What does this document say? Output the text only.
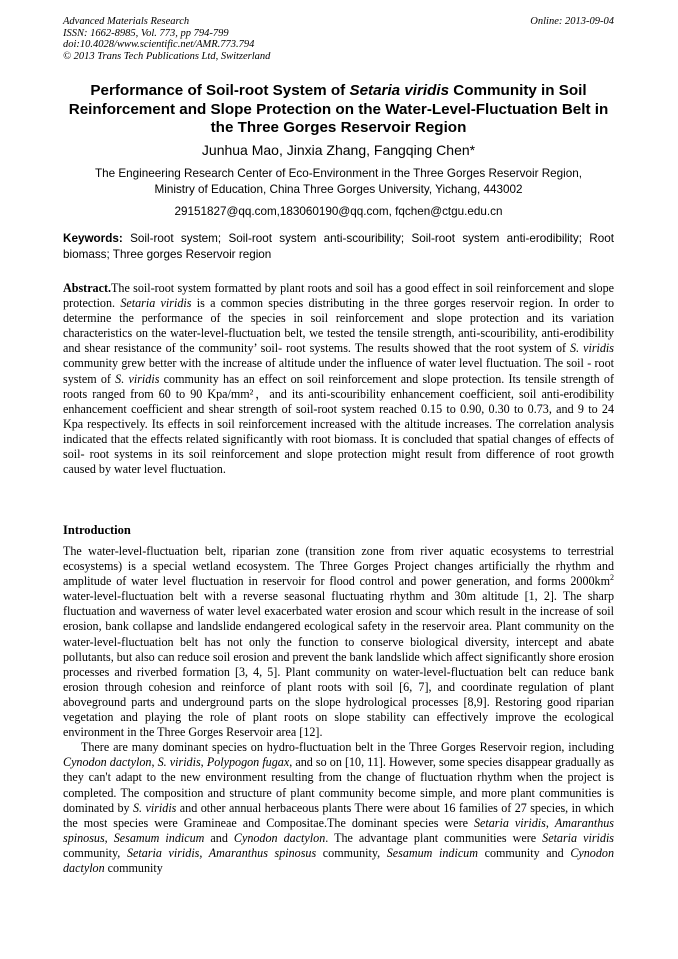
Advanced Materials Research
ISSN: 1662-8985, Vol. 773, pp 794-799
doi:10.4028/www.scientific.net/AMR.773.794
© 2013 Trans Tech Publications Ltd, Switzerland
Online: 2013-09-04
Performance of Soil-root System of Setaria viridis Community in Soil Reinforcement and Slope Protection on the Water-Level-Fluctuation Belt in the Three Gorges Reservoir Region
Junhua Mao, Jinxia Zhang, Fangqing Chen*
The Engineering Research Center of Eco-Environment in the Three Gorges Reservoir Region,
Ministry of Education, China Three Gorges University, Yichang, 443002
29151827@qq.com,183060190@qq.com, fqchen@ctgu.edu.cn
Keywords: Soil-root system; Soil-root system anti-scouribility; Soil-root system anti-erodibility; Root biomass; Three gorges Reservoir region
Abstract.The soil-root system formatted by plant roots and soil has a good effect in soil reinforcement and slope protection. Setaria viridis is a common species distributing in the three gorges reservoir region. In order to determine the performance of the species in soil reinforcement and slope protection and its variation characteristics on the water-level-fluctuation belt, we tested the tensile strength, anti-scouribility, anti-erodibility and shear resistance of the community’ soil- root systems. The results showed that the root system of S. viridis community grew better with the increase of altitude under the influence of water level fluctuation. The soil - root system of S. viridis community has an effect on soil reinforcement and slope protection. Its tensile strength of roots ranged from 60 to 90 Kpa/mm²，and its anti-scouribility enhancement coefficient, soil anti-erodibility enhancement coefficient and shear strength of soil-root system reached 0.15 to 0.90, 0.30 to 0.73, and 9 to 24 Kpa respectively. Its effects in soil reinforcement increased with the altitude increases. The correlation analysis indicated that the effects related significantly with root biomass. It is concluded that spatial changes of effects of soil- root systems in its soil reinforcement and slope protection might result from difference of root growth caused by water level fluctuation.
Introduction

The water-level-fluctuation belt, riparian zone (transition zone from river aquatic ecosystems to terrestrial ecosystems) is a special wetland ecosystem. The Three Gorges Project changes artificially the rhythm and amplitude of water level fluctuation in reservoir for flood control and power generation, and forms $2000km^2$ water-level-fluctuation belt with a reverse seasonal fluctuating rhythm and 30m altitude [1, 2]. The sharp fluctuation and waverness of water level exacerbated water erosion and scour which result in the increase of soil erosion, bank collapse and landslide endangered ecological safety in the reservoir area. Plant community on the water-level-fluctuation belt has not only the function to conserve biological diversity, intercept and abate pollutants, but also can reduce soil erosion and prevent the bank landslide which affect significantly shore erosion processes and riverbed formation [3, 4, 5]. Plant community on water-level-fluctuation belt can reduce bank erosion through cohesion and reinforce of plant roots with soil [6, 7], and coordinate regulation of plant aboveground parts and underground parts on the slope hydrological processes [8,9]. Restoring good riparian vegetation and playing the role of plant roots on slope stability can effectively improve the ecological environment in the Three Gorges Reservoir area [12].

There are many dominant species on hydro-fluctuation belt in the Three Gorges Reservoir region, including Cynodon dactylon, S. viridis, Polypogon fugax, and so on [10, 11]. However, some species disappear gradually as they can't adapt to the new environment resulting from the change of fluctuation rhythm when the project is completed. The composition and structure of plant community become simple, and more plant communities is dominated by S. viridis and other annual herbaceous plants There were about 16 families of 27 species, in which the most species were Gramineae and Compositae.The dominant species were Setaria viridis, Amaranthus spinosus, Sesamum indicum and Cynodon dactylon. The advantage plant communities were Setaria viridis community, Setaria viridis, Amaranthus spinosus community, Sesamum indicum community and Cynodon dactylon community
